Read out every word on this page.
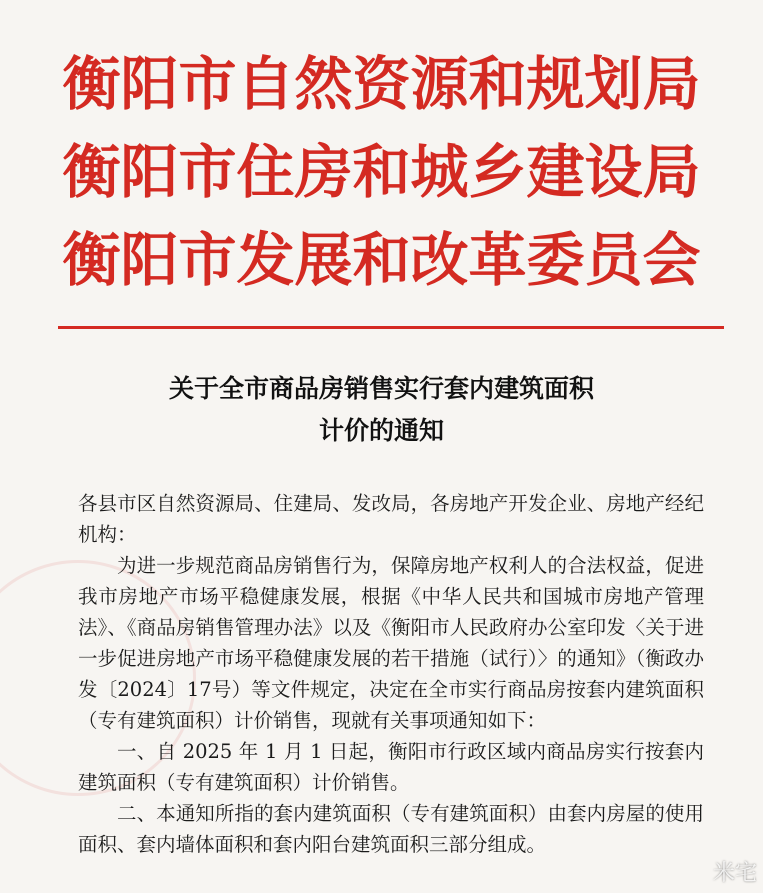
衡阳市自然资源和规划局
衡阳市住房和城乡建设局
衡阳市发展和改革委员会
关于全市商品房销售实行套内建筑面积
计价的通知

各县市区自然资源局、住建局、发改局，各房地产开发企业、房地产经纪机构：

为进一步规范商品房销售行为，保障房地产权利人的合法权益，促进我市房地产市场平稳健康发展，根据《中华人民共和国城市房地产管理法》、《商品房销售管理办法》以及《衡阳市人民政府办公室印发〈关于进一步促进房地产市场平稳健康发展的若干措施（试行）〉的通知》（衡政办发〔2024〕17号）等文件规定，决定在全市实行商品房按套内建筑面积（专有建筑面积）计价销售，现就有关事项通知如下：

一、自 2025 年 1 月 1 日起，衡阳市行政区域内商品房实行按套内建筑面积（专有建筑面积）计价销售。

二、本通知所指的套内建筑面积（专有建筑面积）由套内房屋的使用面积、套内墙体面积和套内阳台建筑面积三部分组成。

米宅
